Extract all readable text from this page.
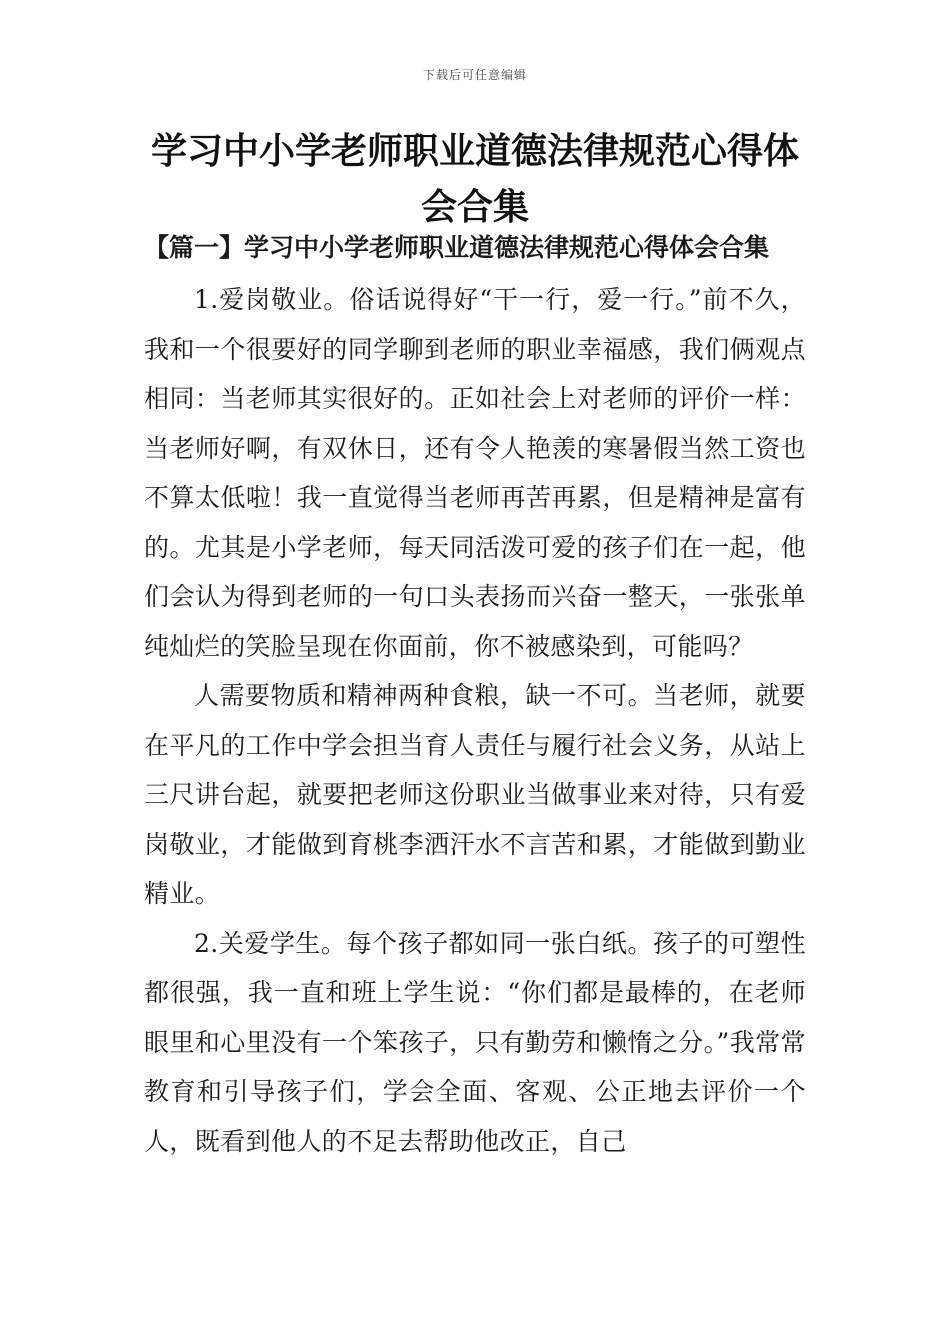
下载后可任意编辑
学习中小学老师职业道德法律规范心得体会合集
【篇一】学习中小学老师职业道德法律规范心得体会合集

1.爱岗敬业。俗话说得好“干一行，爱一行。”前不久，我和一个很要好的同学聊到老师的职业幸福感，我们俩观点相同：当老师其实很好的。正如社会上对老师的评价一样：当老师好啊，有双休日，还有令人艳羡的寒暑假当然工资也不算太低啦！我一直觉得当老师再苦再累，但是精神是富有的。尤其是小学老师，每天同活泼可爱的孩子们在一起，他们会认为得到老师的一句口头表扬而兴奋一整天，一张张单纯灿烂的笑脸呈现在你面前，你不被感染到，可能吗？

人需要物质和精神两种食粮，缺一不可。当老师，就要在平凡的工作中学会担当育人责任与履行社会义务，从站上三尺讲台起，就要把老师这份职业当做事业来对待，只有爱岗敬业，才能做到育桃李洒汗水不言苦和累，才能做到勤业精业。

2.关爱学生。每个孩子都如同一张白纸。孩子的可塑性都很强，我一直和班上学生说：“你们都是最棒的，在老师眼里和心里没有一个笨孩子，只有勤劳和懒惰之分。”我常常教育和引导孩子们，学会全面、客观、公正地去评价一个人，既看到他人的不足去帮助他改正，自己
